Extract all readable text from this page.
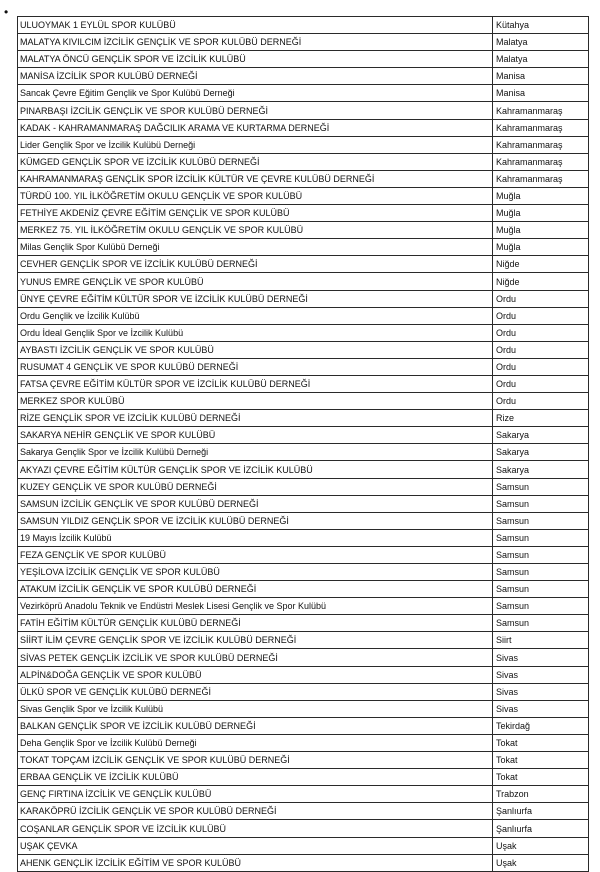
•
ULUOYMAK 1 EYLÜL SPOR KULÜBÜ	Kütahya
MALATYA KIVILCIM İZCİLİK GENÇLİK VE SPOR KULÜBÜ DERNEĞİ	Malatya
MALATYA ÖNCÜ GENÇLİK SPOR VE İZCİLİK KULÜBÜ	Malatya
MANİSA İZCİLİK SPOR KULÜBÜ DERNEĞİ	Manisa
Sancak Çevre Eğitim Gençlik ve Spor Kulübü Derneği	Manisa
PINARBAŞI İZCİLİK GENÇLİK VE SPOR KULÜBÜ DERNEĞİ	Kahramanmaraş
KADAK - KAHRAMANMARAŞ DAĞCILIK ARAMA VE KURTARMA DERNEĞİ	Kahramanmaraş
Lider Gençlik Spor ve İzcilik Kulübü Derneği	Kahramanmaraş
KÜMGED GENÇLİK SPOR VE İZCİLİK KULÜBÜ DERNEĞİ	Kahramanmaraş
KAHRAMANMARAŞ GENÇLİK SPOR İZCİLİK KÜLTÜR VE ÇEVRE KULÜBÜ DERNEĞİ	Kahramanmaraş
TÜRDÜ 100. YIL İLKÖĞRETİM OKULU GENÇLİK VE SPOR KULÜBÜ	Muğla
FETHİYE AKDENİZ ÇEVRE EĞİTİM GENÇLİK VE SPOR KULÜBÜ	Muğla
MERKEZ 75. YIL İLKÖĞRETİM OKULU GENÇLİK VE SPOR KULÜBÜ	Muğla
Milas Gençlik Spor Kulübü Derneği	Muğla
CEVHER GENÇLİK SPOR VE İZCİLİK KULÜBÜ DERNEĞİ	Niğde
YUNUS EMRE GENÇLİK VE SPOR KULÜBÜ	Niğde
ÜNYE ÇEVRE EĞİTİM KÜLTÜR SPOR VE İZCİLİK KULÜBÜ DERNEĞİ	Ordu
Ordu Gençlik ve İzcilik Kulübü	Ordu
Ordu İdeal Gençlik Spor ve İzcilik Kulübü	Ordu
AYBASTI İZCİLİK GENÇLİK VE SPOR KULÜBÜ	Ordu
RUSUMAT 4 GENÇLİK VE SPOR KULÜBÜ DERNEĞİ	Ordu
FATSA ÇEVRE EĞİTİM KÜLTÜR SPOR VE İZCİLİK KULÜBÜ DERNEĞİ	Ordu
MERKEZ SPOR KULÜBÜ	Ordu
RİZE GENÇLİK SPOR VE İZCİLİK KULÜBÜ DERNEĞİ	Rize
SAKARYA NEHİR GENÇLİK VE SPOR KULÜBÜ	Sakarya
Sakarya Gençlik Spor ve İzcilik Kulübü Derneği	Sakarya
AKYAZI ÇEVRE EĞİTİM KÜLTÜR GENÇLİK SPOR VE İZCİLİK KULÜBÜ	Sakarya
KUZEY GENÇLİK VE SPOR KULÜBÜ DERNEĞİ	Samsun
SAMSUN İZCİLİK GENÇLİK VE SPOR KULÜBÜ DERNEĞİ	Samsun
SAMSUN YILDIZ GENÇLİK SPOR VE İZCİLİK KULÜBÜ DERNEĞİ	Samsun
19 Mayıs İzcilik Kulübü	Samsun
FEZA GENÇLİK VE SPOR KULÜBÜ	Samsun
YEŞİLOVA İZCİLİK GENÇLİK VE SPOR KULÜBÜ	Samsun
ATAKUM İZCİLİK GENÇLİK VE SPOR KULÜBÜ DERNEĞİ	Samsun
Vezirköprü Anadolu Teknik ve Endüstri Meslek Lisesi Gençlik ve Spor Kulübü	Samsun
FATİH EĞİTİM KÜLTÜR GENÇLİK KULÜBÜ DERNEĞİ	Samsun
SİİRT İLİM ÇEVRE GENÇLİK SPOR VE İZCİLİK KULÜBÜ DERNEĞİ	Siirt
SİVAS PETEK GENÇLİK İZCİLİK VE SPOR KULÜBÜ DERNEĞİ	Sivas
ALPİN&DOĞA GENÇLİK VE SPOR KULÜBÜ	Sivas
ÜLKÜ SPOR VE GENÇLİK KULÜBÜ DERNEĞİ	Sivas
Sivas Gençlik Spor ve İzcilik Kulübü	Sivas
BALKAN GENÇLİK SPOR VE İZCİLİK KULÜBÜ DERNEĞİ	Tekirdağ
Deha Gençlik Spor ve İzcilik Kulübü Derneği	Tokat
TOKAT TOPÇAM İZCİLİK GENÇLİK VE SPOR KULÜBÜ DERNEĞİ	Tokat
ERBAA GENÇLİK VE İZCİLİK KULÜBÜ	Tokat
GENÇ FIRTINA İZCİLİK VE GENÇLİK KULÜBÜ	Trabzon
KARAKÖPRÜ İZCİLİK GENÇLİK VE SPOR KULÜBÜ DERNEĞİ	Şanlıurfa
COŞANLAR GENÇLİK SPOR VE İZCİLİK KULÜBÜ	Şanlıurfa
UŞAK ÇEVKA	Uşak
AHENK GENÇLİK İZCİLİK EĞİTİM VE SPOR KULÜBÜ	Uşak
